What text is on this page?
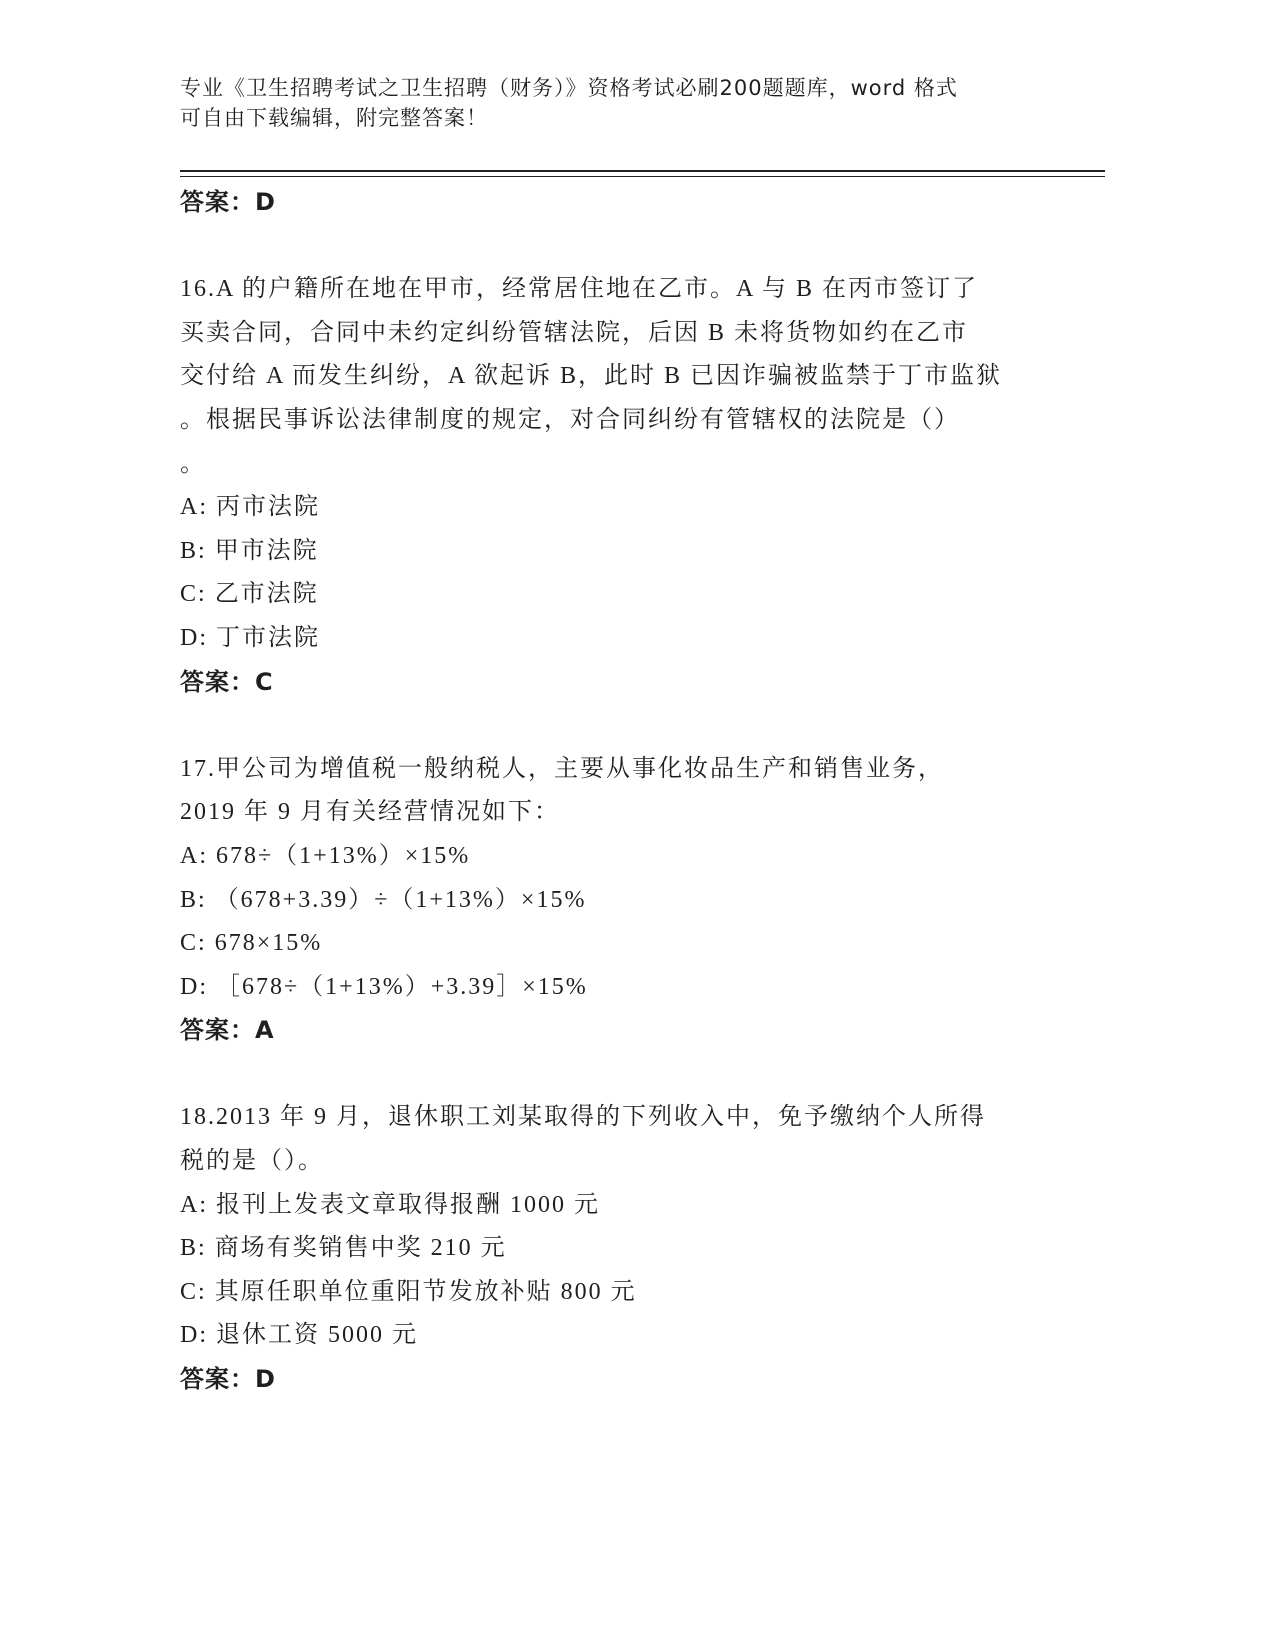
专业《卫生招聘考试之卫生招聘（财务）》资格考试必刷200题题库，word 格式
可自由下载编辑，附完整答案！
答案：D
16.A 的户籍所在地在甲市，经常居住地在乙市。A 与 B 在丙市签订了
买卖合同，合同中未约定纠纷管辖法院，后因 B 未将货物如约在乙市
交付给 A 而发生纠纷，A 欲起诉 B，此时 B 已因诈骗被监禁于丁市监狱
。根据民事诉讼法律制度的规定，对合同纠纷有管辖权的法院是（）
。
A: 丙市法院
B: 甲市法院
C: 乙市法院
D: 丁市法院
答案：C
17.甲公司为增值税一般纳税人，主要从事化妆品生产和销售业务，
2019 年 9 月有关经营情况如下：
A: 678÷（1+13%）×15%
B: （678+3.39）÷（1+13%）×15%
C: 678×15%
D: ［678÷（1+13%）+3.39］×15%
答案：A
18.2013 年 9 月，退休职工刘某取得的下列收入中，免予缴纳个人所得
税的是（）。
A: 报刊上发表文章取得报酬 1000 元
B: 商场有奖销售中奖 210 元
C: 其原任职单位重阳节发放补贴 800 元
D: 退休工资 5000 元
答案：D
